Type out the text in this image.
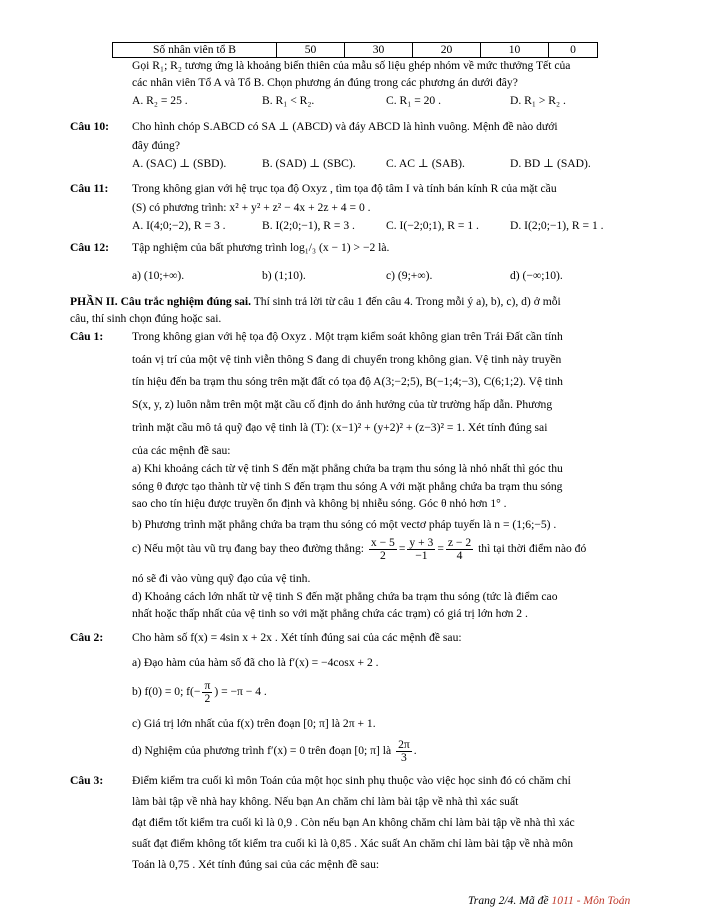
Số nhân viên tổ B	50	30	20	10	0
Gọi R₁; R₂ tương ứng là khoảng biến thiên của mẫu số liệu ghép nhóm về mức thưởng Tết của
các nhân viên Tổ A và Tổ B. Chọn phương án đúng trong các phương án dưới đây?
A. R₂ = 25 .	B. R₁ < R₂.	C. R₁ = 20 .	D. R₁ > R₂ .
Câu 10: Cho hình chóp S.ABCD có SA ⊥ (ABCD) và đáy ABCD là hình vuông. Mệnh đề nào dưới
đây đúng?
A. (SAC) ⊥ (SBD).	B. (SAD) ⊥ (SBC).	C. AC ⊥ (SAB).	D. BD ⊥ (SAD).
Câu 11: Trong không gian với hệ trục tọa độ Oxyz , tìm tọa độ tâm I và tính bán kính R của mặt cầu
(S) có phương trình: x² + y² + z² − 4x + 2z + 4 = 0 .
A. I(4;0;−2), R = 3 .	B. I(2;0;−1), R = 3 .	C. I(−2;0;1), R = 1 .	D. I(2;0;−1), R = 1 .
Câu 12: Tập nghiệm của bất phương trình log₁/₃ (x − 1) > −2 là.
a) (10;+∞).	b) (1;10).	c) (9;+∞).	d) (−∞;10).
PHẦN II. Câu trắc nghiệm đúng sai. Thí sinh trả lời từ câu 1 đến câu 4. Trong mỗi ý a), b), c), d) ở mỗi
câu, thí sinh chọn đúng hoặc sai.
Câu 1: Trong không gian với hệ tọa độ Oxyz . Một trạm kiểm soát không gian trên Trái Đất cần tính
toán vị trí của một vệ tinh viễn thông S đang di chuyển trong không gian. Vệ tinh này truyền
tín hiệu đến ba trạm thu sóng trên mặt đất có tọa độ A(3;−2;5), B(−1;4;−3), C(6;1;2). Vệ tinh
S(x, y, z) luôn nằm trên một mặt cầu cố định do ảnh hưởng của từ trường hấp dẫn. Phương
trình mặt cầu mô tả quỹ đạo vệ tinh là (T): (x−1)² + (y+2)² + (z−3)² = 1. Xét tính đúng sai
của các mệnh đề sau:
a) Khi khoảng cách từ vệ tinh S đến mặt phẳng chứa ba trạm thu sóng là nhỏ nhất thì góc thu
sóng θ được tạo thành từ vệ tinh S đến trạm thu sóng A với mặt phẳng chứa ba trạm thu sóng
sao cho tín hiệu được truyền ổn định và không bị nhiễu sóng. Góc θ nhỏ hơn 1° .
b) Phương trình mặt phẳng chứa ba trạm thu sóng có một vectơ pháp tuyến là n = (1;6;−5) .
c) Nếu một tàu vũ trụ đang bay theo đường thẳng: $\frac{x - 5}{2} = \frac{y + 3}{-1} = \frac{z - 2}{4}$ thì tại thời điểm nào đó
nó sẽ đi vào vùng quỹ đạo của vệ tinh.
d) Khoảng cách lớn nhất từ vệ tinh S đến mặt phẳng chứa ba trạm thu sóng (tức là điểm cao
nhất hoặc thấp nhất của vệ tinh so với mặt phẳng chứa các trạm) có giá trị lớn hơn 2 .
Câu 2: Cho hàm số f(x) = 4sin x + 2x . Xét tính đúng sai của các mệnh đề sau:
a) Đạo hàm của hàm số đã cho là f′(x) = −4cosx + 2 .
b) f(0) = 0; $f(- \frac{\pi}{2}$ ) = −π − 4 .
c) Giá trị lớn nhất của f(x) trên đoạn [0; π] là 2π + 1.
d) Nghiệm của phương trình f′(x) = 0 trên đoạn [0; π] là $\frac{2\pi}{3}$ .
Câu 3: Điểm kiểm tra cuối kì môn Toán của một học sinh phụ thuộc vào việc học sinh đó có chăm chỉ
làm bài tập về nhà hay không. Nếu bạn An chăm chỉ làm bài tập về nhà thì xác suất
đạt điểm tốt kiểm tra cuối kì là 0,9 . Còn nếu bạn An không chăm chỉ làm bài tập về nhà thì xác
suất đạt điểm không tốt kiểm tra cuối kì là 0,85 . Xác suất An chăm chỉ làm bài tập về nhà môn
Toán là 0,75 . Xét tính đúng sai của các mệnh đề sau:
Trang 2/4. Mã đề 1011 - Môn Toán
